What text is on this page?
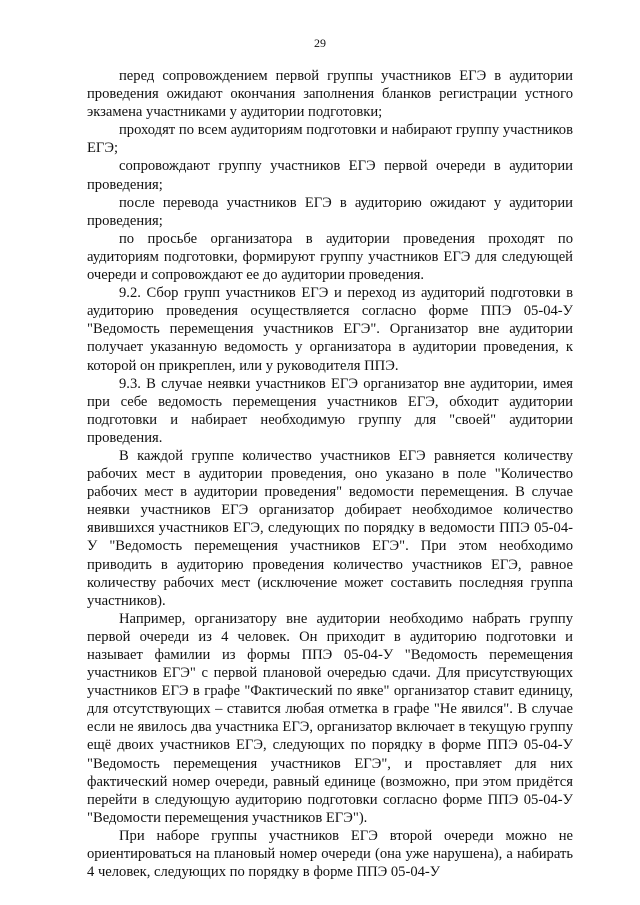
29

перед сопровождением первой группы участников ЕГЭ в аудитории проведения ожидают окончания заполнения бланков регистрации устного экзамена участниками у аудитории подготовки;

проходят по всем аудиториям подготовки и набирают группу участников ЕГЭ;

сопровождают группу участников ЕГЭ первой очереди в аудитории проведения;

после перевода участников ЕГЭ в аудиторию ожидают у аудитории проведения;

по просьбе организатора в аудитории проведения проходят по аудиториям подготовки, формируют группу участников ЕГЭ для следующей очереди и сопровождают ее до аудитории проведения.

9.2. Сбор групп участников ЕГЭ и переход из аудиторий подготовки в аудиторию проведения осуществляется согласно форме ППЭ 05-04-У "Ведомость перемещения участников ЕГЭ". Организатор вне аудитории получает указанную ведомость у организатора в аудитории проведения, к которой он прикреплен, или у руководителя ППЭ.

9.3. В случае неявки участников ЕГЭ организатор вне аудитории, имея при себе ведомость перемещения участников ЕГЭ, обходит аудитории подготовки и набирает необходимую группу для "своей" аудитории проведения.

В каждой группе количество участников ЕГЭ равняется количеству рабочих мест в аудитории проведения, оно указано в поле "Количество рабочих мест в аудитории проведения" ведомости перемещения. В случае неявки участников ЕГЭ организатор добирает необходимое количество явившихся участников ЕГЭ, следующих по порядку в ведомости ППЭ 05-04-У "Ведомость перемещения участников ЕГЭ". При этом необходимо приводить в аудиторию проведения количество участников ЕГЭ, равное количеству рабочих мест (исключение может составить последняя группа участников).

Например, организатору вне аудитории необходимо набрать группу первой очереди из 4 человек. Он приходит в аудиторию подготовки и называет фамилии из формы ППЭ 05-04-У "Ведомость перемещения участников ЕГЭ" с первой плановой очередью сдачи. Для присутствующих участников ЕГЭ в графе "Фактический по явке" организатор ставит единицу, для отсутствующих – ставится любая отметка в графе "Не явился". В случае если не явилось два участника ЕГЭ, организатор включает в текущую группу ещё двоих участников ЕГЭ, следующих по порядку в форме ППЭ 05-04-У "Ведомость перемещения участников ЕГЭ", и проставляет для них фактический номер очереди, равный единице (возможно, при этом придётся перейти в следующую аудиторию подготовки согласно форме ППЭ 05-04-У "Ведомости перемещения участников ЕГЭ").

При наборе группы участников ЕГЭ второй очереди можно не ориентироваться на плановый номер очереди (она уже нарушена), а набирать 4 человек, следующих по порядку в форме ППЭ 05-04-У
